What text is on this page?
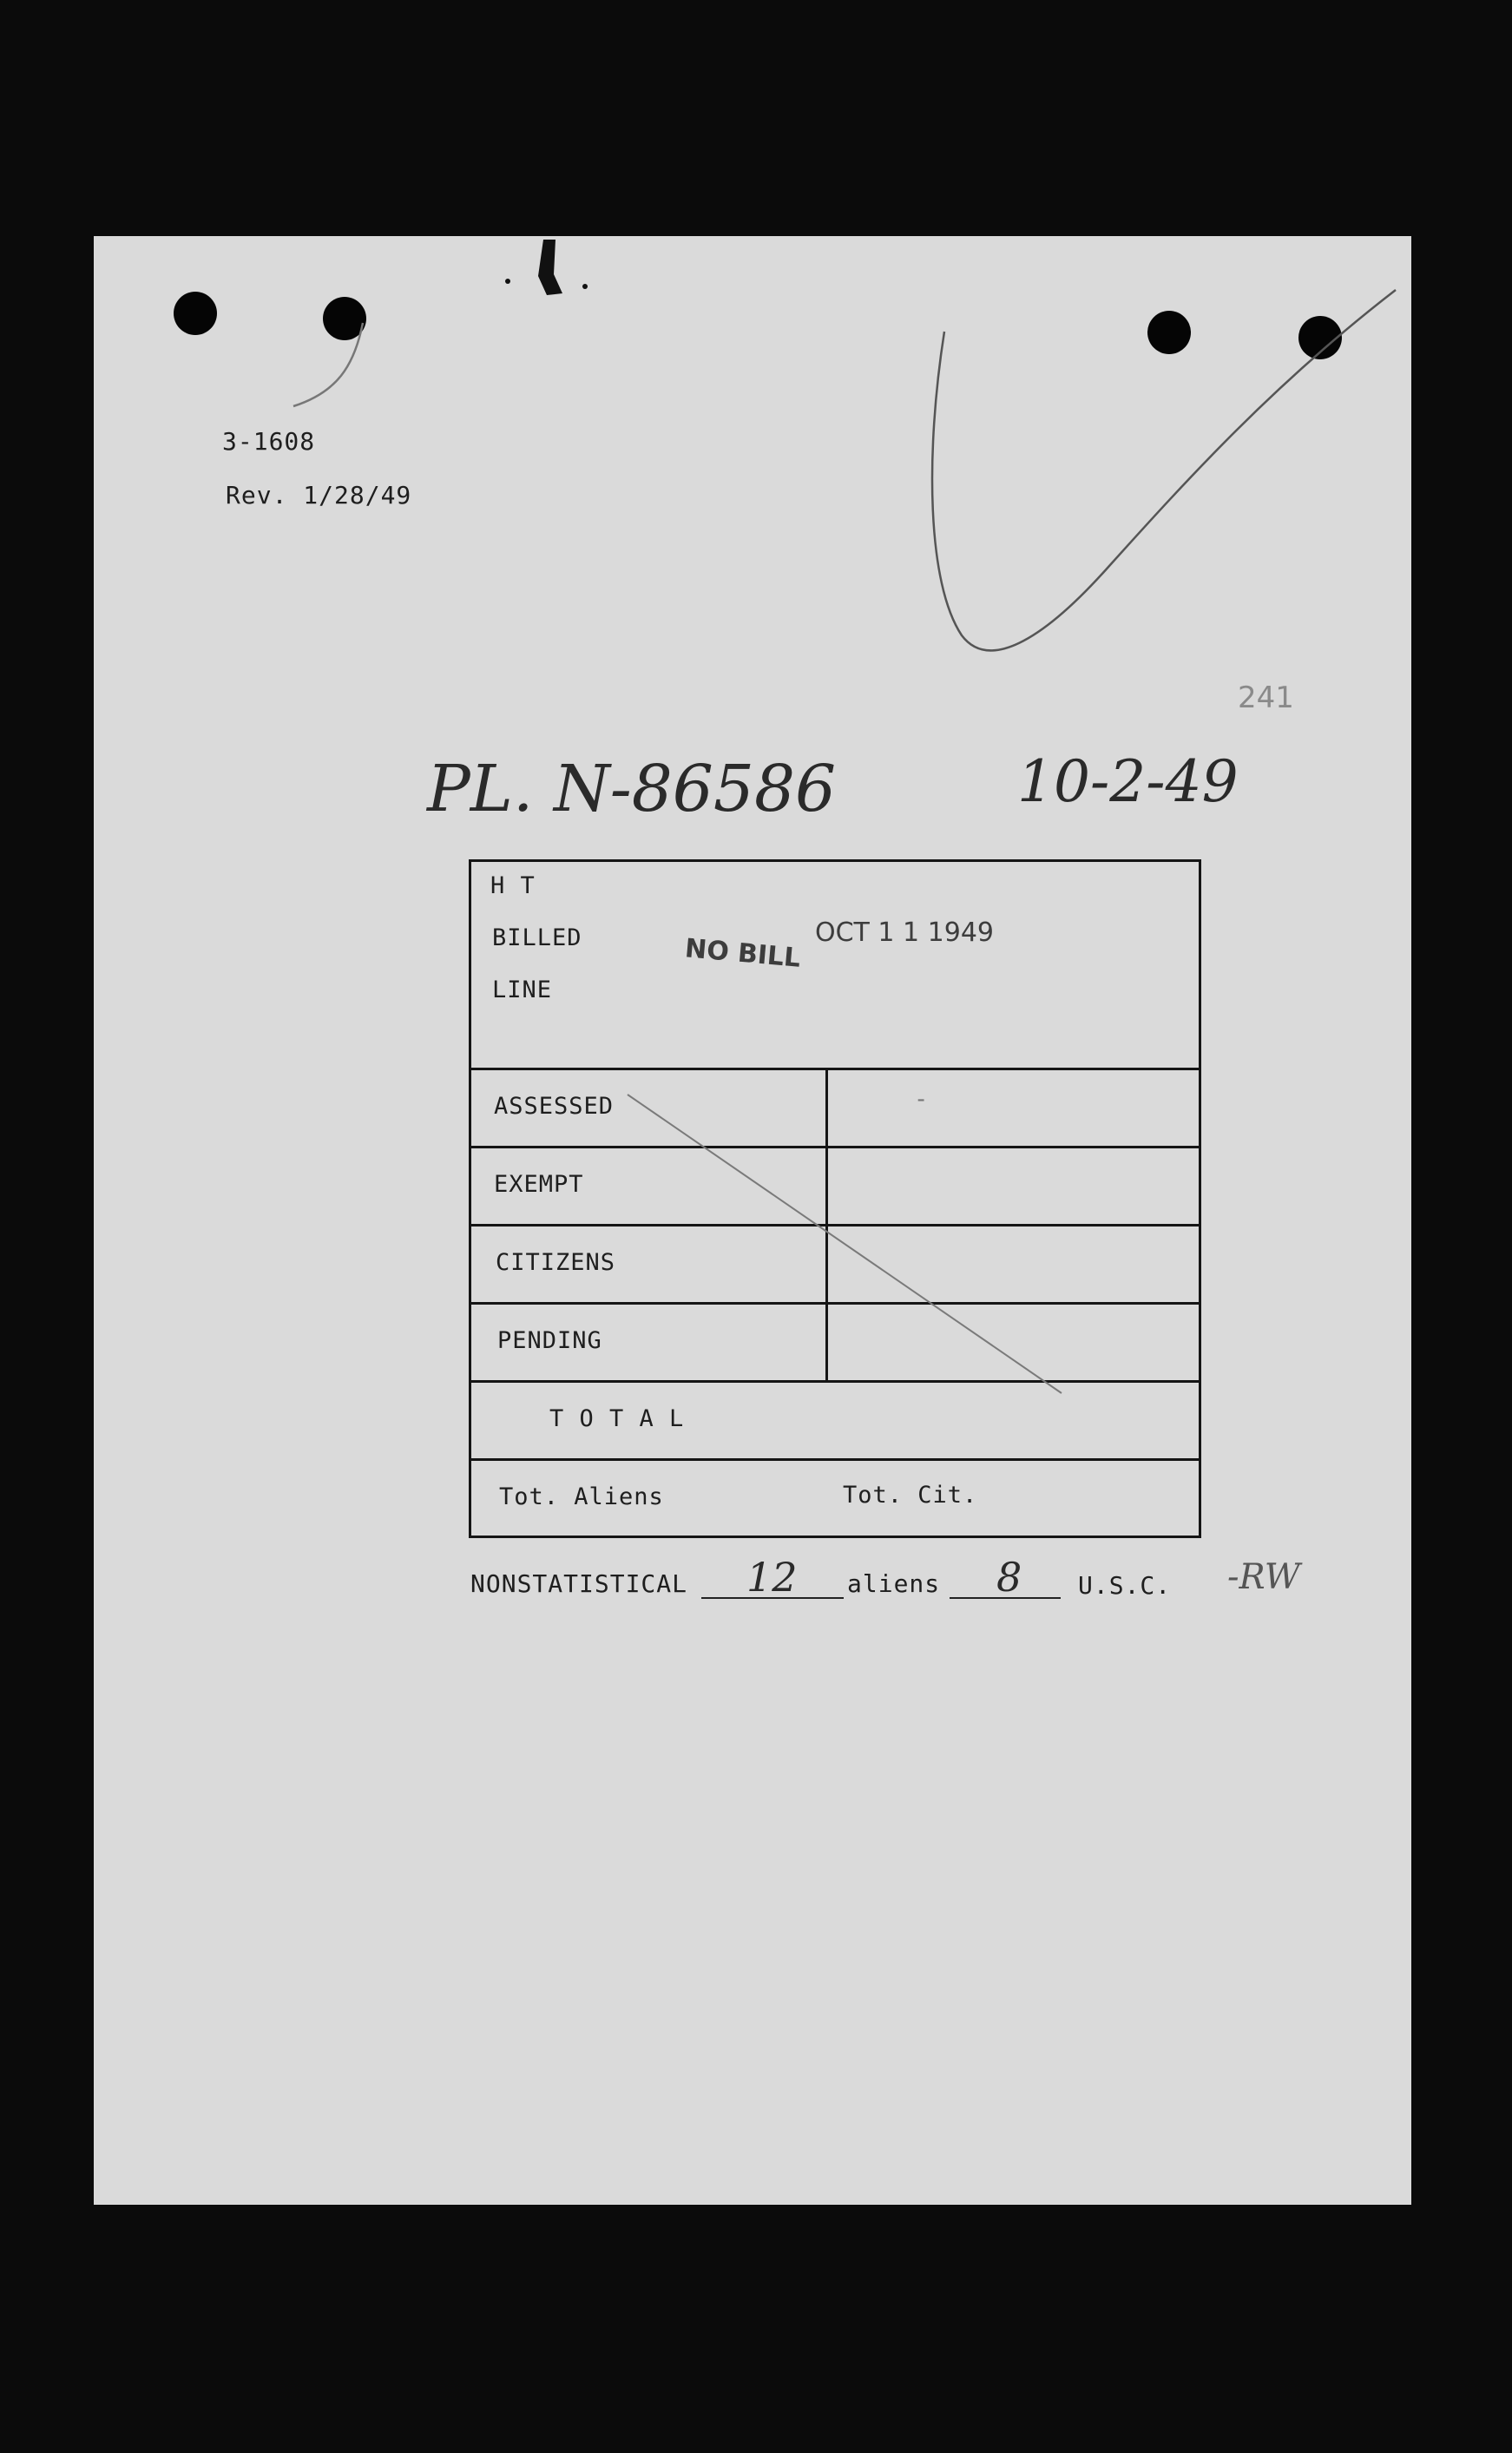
3-1608
Rev. 1/28/49
241
PL. N-86586	10-2-49
H T
BILLED
LINE
NO BILL
OCT 1 1 1949
ASSESSED	-
EXEMPT
CITIZENS
PENDING
T O T A L
Tot. Aliens	Tot. Cit.
NONSTATISTICAL 12 aliens 8 U.S.C. -RW
